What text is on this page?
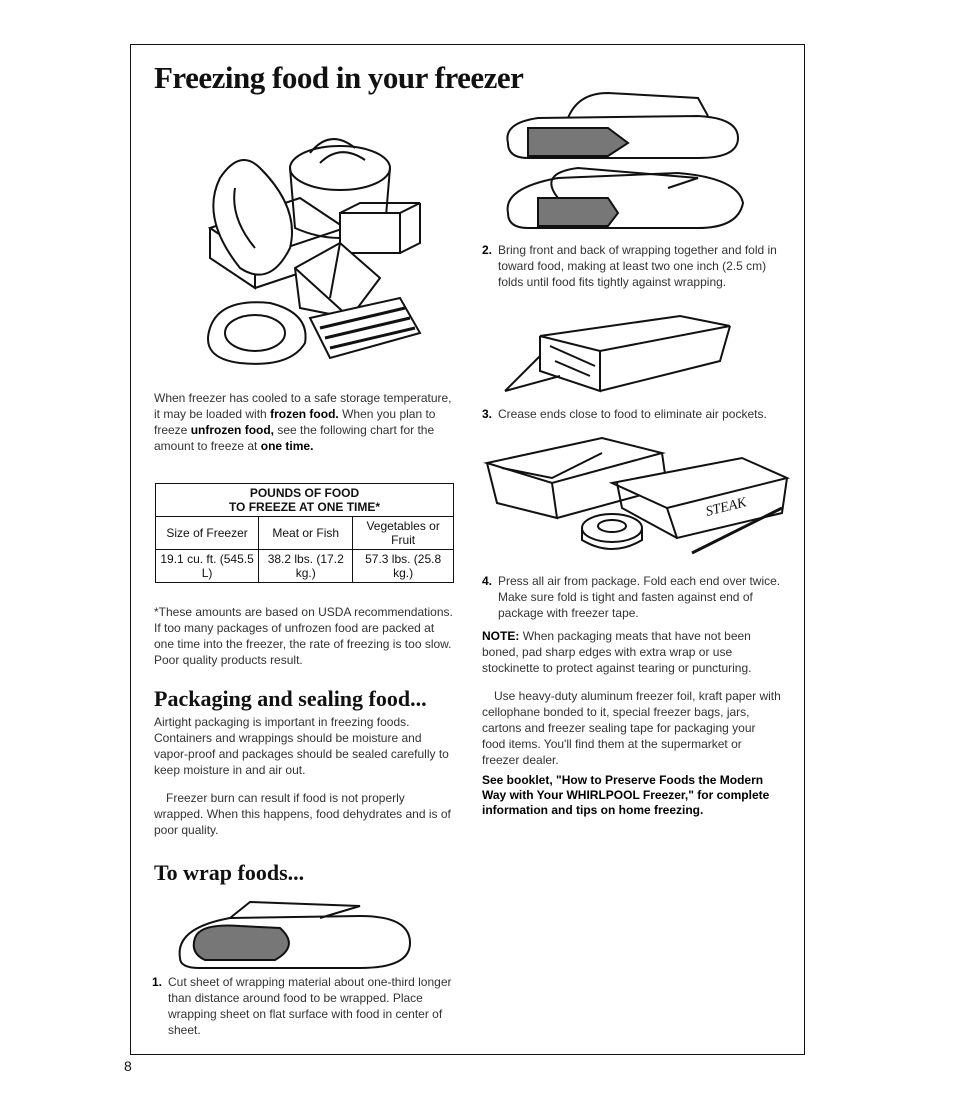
Freezing food in your freezer
When freezer has cooled to a safe storage temperature, it may be loaded with frozen food. When you plan to freeze unfrozen food, see the following chart for the amount to freeze at one time.
POUNDS OF FOOD
TO FREEZE AT ONE TIME*		

Size of Freezer	Meat or Fish	Vegetables or Fruit
19.1 cu. ft. (545.5 L)	38.2 lbs. (17.2 kg.)	57.3 lbs. (25.8 kg.)
*These amounts are based on USDA recommendations. If too many packages of unfrozen food are packed at one time into the freezer, the rate of freezing is too slow. Poor quality products result.
Packaging and sealing food...
Airtight packaging is important in freezing foods. Containers and wrappings should be moisture and vapor-proof and packages should be sealed carefully to keep moisture in and air out.
Freezer burn can result if food is not properly wrapped. When this happens, food dehydrates and is of poor quality.
To wrap foods...
1. Cut sheet of wrapping material about one-third longer than distance around food to be wrapped. Place wrapping sheet on flat surface with food in center of sheet.
2. Bring front and back of wrapping together and fold in toward food, making at least two one inch (2.5 cm) folds until food fits tightly against wrapping.
3. Crease ends close to food to eliminate air pockets.
STEAK
4. Press all air from package. Fold each end over twice. Make sure fold is tight and fasten against end of package with freezer tape.
NOTE: When packaging meats that have not been boned, pad sharp edges with extra wrap or use stockinette to protect against tearing or puncturing.
Use heavy-duty aluminum freezer foil, kraft paper with cellophane bonded to it, special freezer bags, jars, cartons and freezer sealing tape for packaging your food items. You'll find them at the supermarket or freezer dealer.
See booklet, "How to Preserve Foods the Modern Way with Your WHIRLPOOL Freezer," for complete information and tips on home freezing.
8
